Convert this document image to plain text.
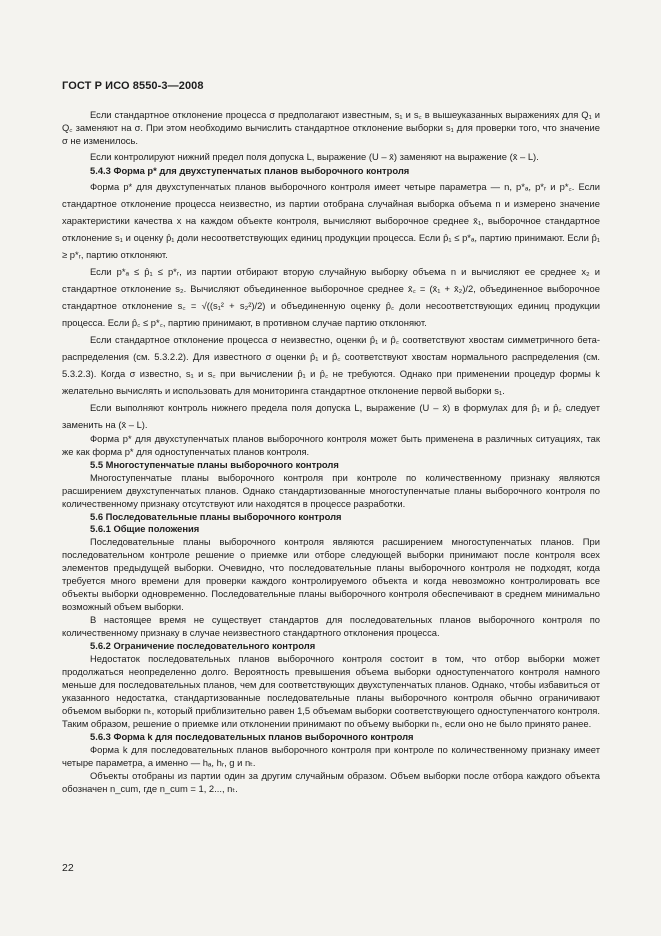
ГОСТ Р ИСО 8550-3—2008

Если стандартное отклонение процесса σ предполагают известным, s₁ и s꜀ в вышеуказанных выражениях для Q₁ и Q꜀ заменяют на σ. При этом необходимо вычислить стандартное отклонение выборки s₁ для проверки того, что значение σ не изменилось.

Если контролируют нижний предел поля допуска L, выражение (U – x̄) заменяют на выражение (x̄ – L).

5.4.3 Форма p* для двухступенчатых планов выборочного контроля

Форма p* для двухступенчатых планов выборочного контроля имеет четыре параметра — n, p*ₐ, p*ᵣ и p*꜀. Если стандартное отклонение процесса неизвестно, из партии отобрана случайная выборка объема n и измерено значение характеристики качества x на каждом объекте контроля, вычисляют выборочное среднее x̄₁, выборочное стандартное отклонение s₁ и оценку p̂₁ доли несоответствующих единиц продукции процесса. Если p̂₁ ≤ p*ₐ, партию принимают. Если p̂₁ ≥ p*ᵣ, партию отклоняют.

Если p*ₐ ≤ p̂₁ ≤ p*ᵣ, из партии отбирают вторую случайную выборку объема n и вычисляют ее среднее x₂ и стандартное отклонение s₂. Вычисляют объединенное выборочное среднее x̄꜀ = (x̄₁ + x̄₂)/2, объединенное выборочное стандартное отклонение s꜀ = √((s₁² + s₂²)/2) и объединенную оценку p̂꜀ доли несоответствующих единиц продукции процесса. Если p̂꜀ ≤ p*꜀, партию принимают, в противном случае партию отклоняют.

Если стандартное отклонение процесса σ неизвестно, оценки p̂₁ и p̂꜀ соответствуют хвостам симметричного бета-распределения (см. 5.3.2.2). Для известного σ оценки p̂₁ и p̂꜀ соответствуют хвостам нормального распределения (см. 5.3.2.3). Когда σ известно, s₁ и s꜀ при вычислении p̂₁ и p̂꜀ не требуются. Однако при применении процедур формы k желательно вычислять и использовать для мониторинга стандартное отклонение первой выборки s₁.

Если выполняют контроль нижнего предела поля допуска L, выражение (U – x̄) в формулах для p̂₁ и p̂꜀ следует заменить на (x̄ – L).

Форма p* для двухступенчатых планов выборочного контроля может быть применена в различных ситуациях, так же как форма p* для одноступенчатых планов контроля.

5.5 Многоступенчатые планы выборочного контроля

Многоступенчатые планы выборочного контроля при контроле по количественному признаку являются расширением двухступенчатых планов. Однако стандартизованные многоступенчатые планы выборочного контроля по количественному признаку отсутствуют или находятся в процессе разработки.

5.6 Последовательные планы выборочного контроля

5.6.1 Общие положения

Последовательные планы выборочного контроля являются расширением многоступенчатых планов. При последовательном контроле решение о приемке или отборе следующей выборки принимают после контроля всех элементов предыдущей выборки. Очевидно, что последовательные планы выборочного контроля не подходят, когда требуется много времени для проверки каждого контролируемого объекта и когда невозможно контролировать все объекты выборки одновременно. Последовательные планы выборочного контроля обеспечивают в среднем минимально возможный объем выборки.

В настоящее время не существует стандартов для последовательных планов выборочного контроля по количественному признаку в случае неизвестного стандартного отклонения процесса.

5.6.2 Ограничение последовательного контроля

Недостаток последовательных планов выборочного контроля состоит в том, что отбор выборки может продолжаться неопределенно долго. Вероятность превышения объема выборки одноступенчатого контроля намного меньше для последовательных планов, чем для соответствующих двухступенчатых планов. Однако, чтобы избавиться от указанного недостатка, стандартизованные последовательные планы выборочного контроля обычно ограничивают объемом выборки nₜ, который приблизительно равен 1,5 объемам выборки соответствующего одноступенчатого контроля. Таким образом, решение о приемке или отклонении принимают по объему выборки nₜ, если оно не было принято ранее.

5.6.3 Форма k для последовательных планов выборочного контроля

Форма k для последовательных планов выборочного контроля при контроле по количественному признаку имеет четыре параметра, а именно — hₐ, hᵣ, g и nₜ.

Объекты отобраны из партии один за другим случайным образом. Объем выборки после отбора каждого объекта обозначен n_cum, где n_cum = 1, 2..., nₜ.

22
